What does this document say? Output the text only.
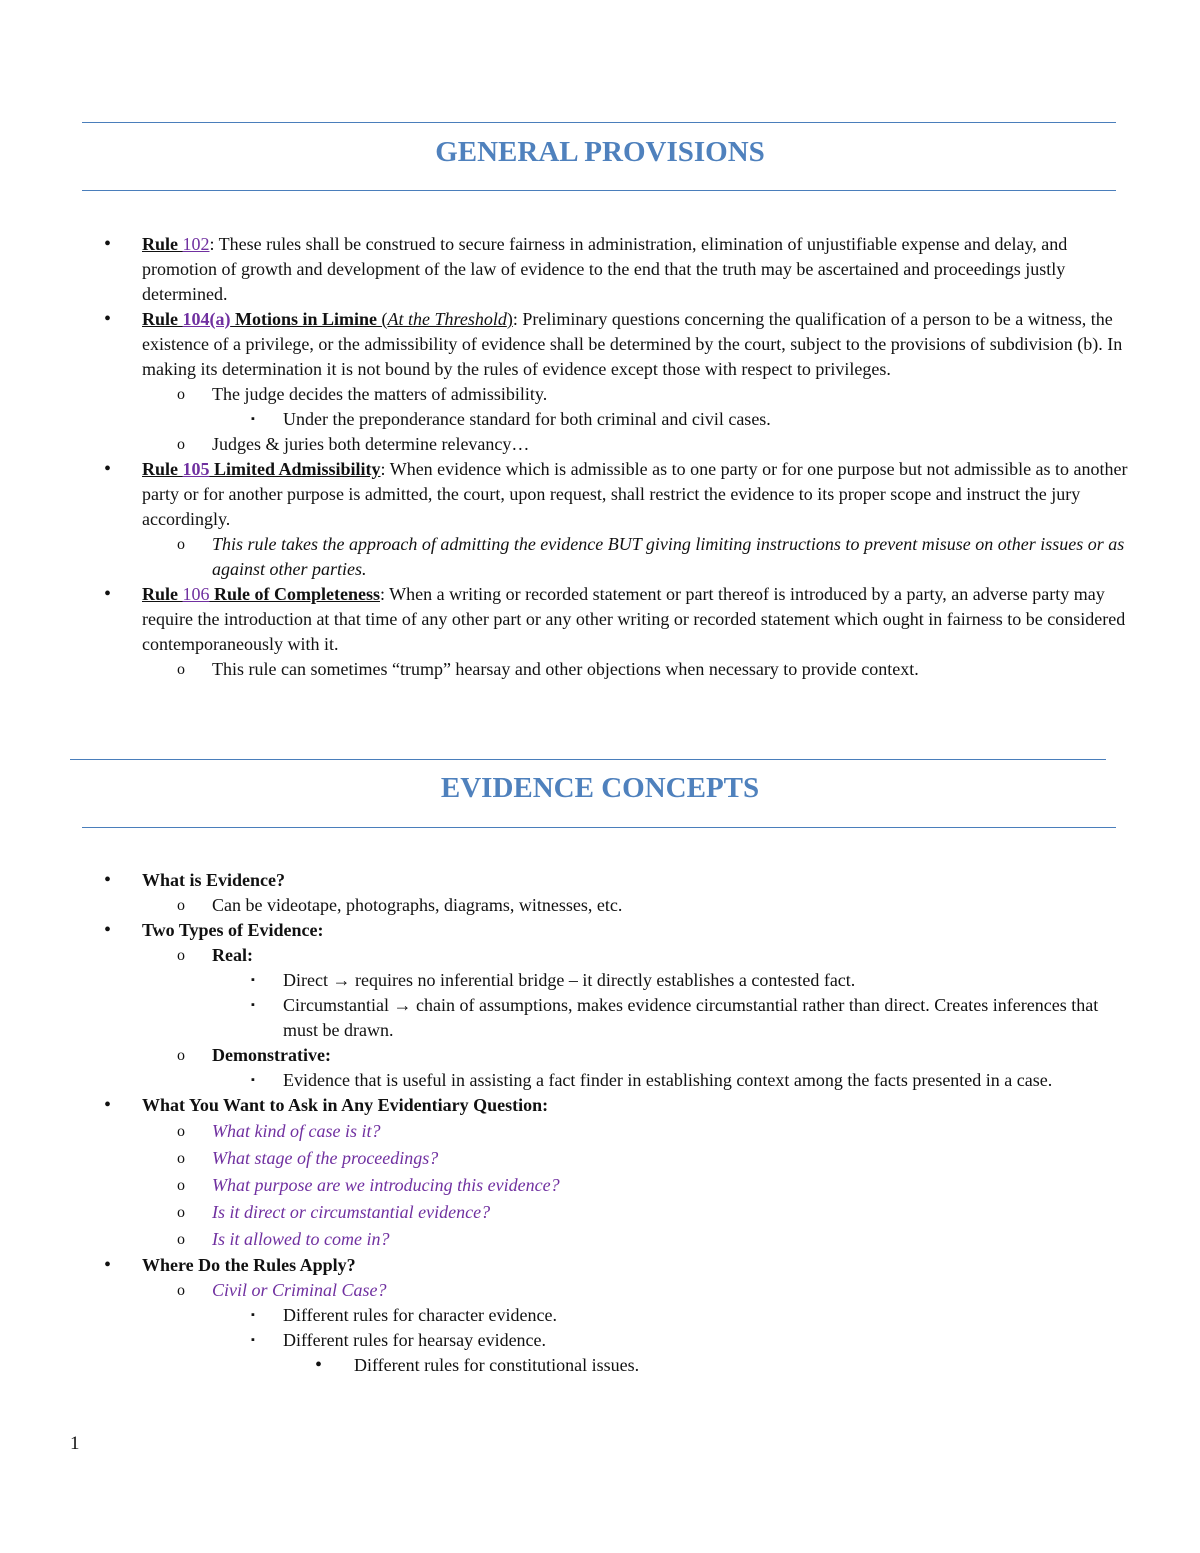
GENERAL PROVISIONS
• Rule 102: These rules shall be construed to secure fairness in administration, elimination of unjustifiable expense and delay, and promotion of growth and development of the law of evidence to the end that the truth may be ascertained and proceedings justly determined.
• Rule 104(a) Motions in Limine (At the Threshold): Preliminary questions concerning the qualification of a person to be a witness, the existence of a privilege, or the admissibility of evidence shall be determined by the court, subject to the provisions of subdivision (b). In making its determination it is not bound by the rules of evidence except those with respect to privileges.
o The judge decides the matters of admissibility.
▪ Under the preponderance standard for both criminal and civil cases.
o Judges & juries both determine relevancy…
• Rule 105 Limited Admissibility: When evidence which is admissible as to one party or for one purpose but not admissible as to another party or for another purpose is admitted, the court, upon request, shall restrict the evidence to its proper scope and instruct the jury accordingly.
o This rule takes the approach of admitting the evidence BUT giving limiting instructions to prevent misuse on other issues or as against other parties.
• Rule 106 Rule of Completeness: When a writing or recorded statement or part thereof is introduced by a party, an adverse party may require the introduction at that time of any other part or any other writing or recorded statement which ought in fairness to be considered contemporaneously with it.
o This rule can sometimes “trump” hearsay and other objections when necessary to provide context.
EVIDENCE CONCEPTS
• What is Evidence?
o Can be videotape, photographs, diagrams, witnesses, etc.
• Two Types of Evidence:
o Real:
▪ Direct → requires no inferential bridge – it directly establishes a contested fact.
▪ Circumstantial → chain of assumptions, makes evidence circumstantial rather than direct. Creates inferences that must be drawn.
o Demonstrative:
▪ Evidence that is useful in assisting a fact finder in establishing context among the facts presented in a case.
• What You Want to Ask in Any Evidentiary Question:
o What kind of case is it?
o What stage of the proceedings?
o What purpose are we introducing this evidence?
o Is it direct or circumstantial evidence?
o Is it allowed to come in?
• Where Do the Rules Apply?
o Civil or Criminal Case?
▪ Different rules for character evidence.
▪ Different rules for hearsay evidence.
• Different rules for constitutional issues.
1
